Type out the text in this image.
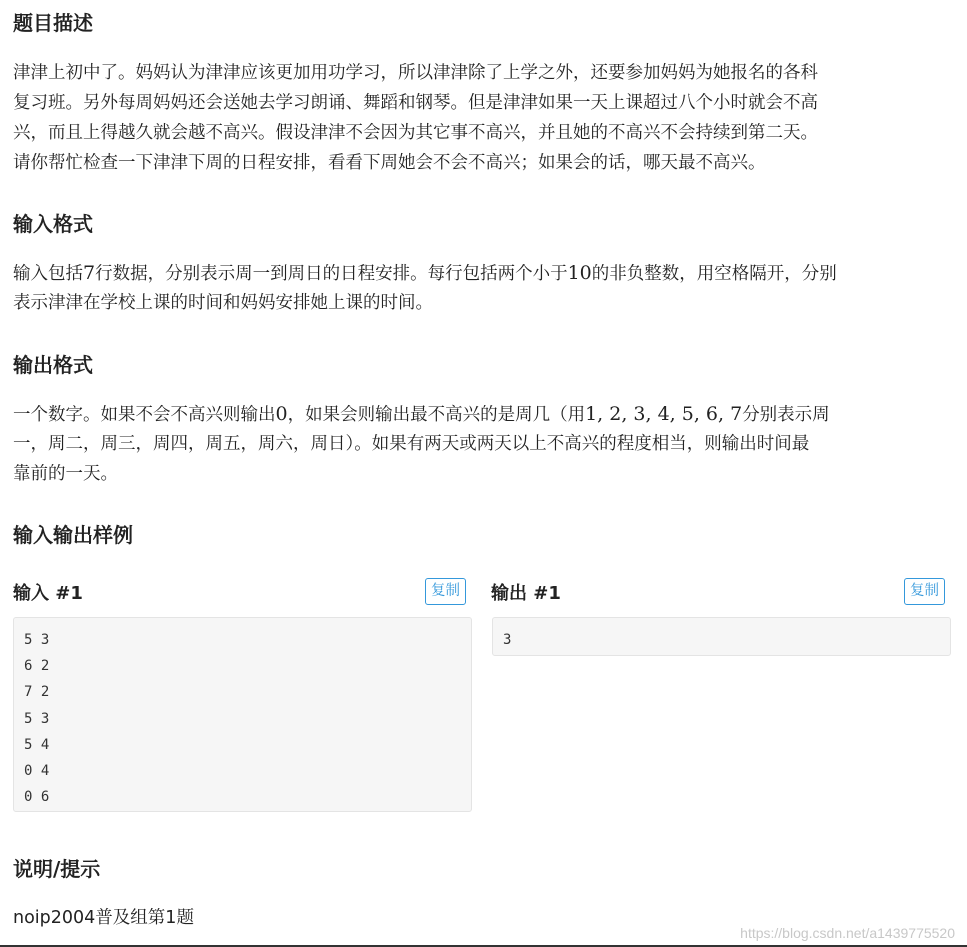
题目描述

津津上初中了。妈妈认为津津应该更加用功学习，所以津津除了上学之外，还要参加妈妈为她报名的各科

复习班。另外每周妈妈还会送她去学习朗诵、舞蹈和钢琴。但是津津如果一天上课超过八个小时就会不高

兴，而且上得越久就会越不高兴。假设津津不会因为其它事不高兴，并且她的不高兴不会持续到第二天。

请你帮忙检查一下津津下周的日程安排，看看下周她会不会不高兴；如果会的话，哪天最不高兴。

输入格式

输入包括7行数据，分别表示周一到周日的日程安排。每行包括两个小于10的非负整数，用空格隔开，分别

表示津津在学校上课的时间和妈妈安排她上课的时间。

输出格式

一个数字。如果不会不高兴则输出0，如果会则输出最不高兴的是周几（用1, 2, 3, 4, 5, 6, 7分别表示周

一，周二，周三，周四，周五，周六，周日）。如果有两天或两天以上不高兴的程度相当，则输出时间最

靠前的一天。

输入输出样例
输入 #1	复制
5 3
6 2
7 2
5 3
5 4
0 4
0 6
输出 #1	复制
3
说明/提示

noip2004普及组第1题

https://blog.csdn.net/a1439775520
